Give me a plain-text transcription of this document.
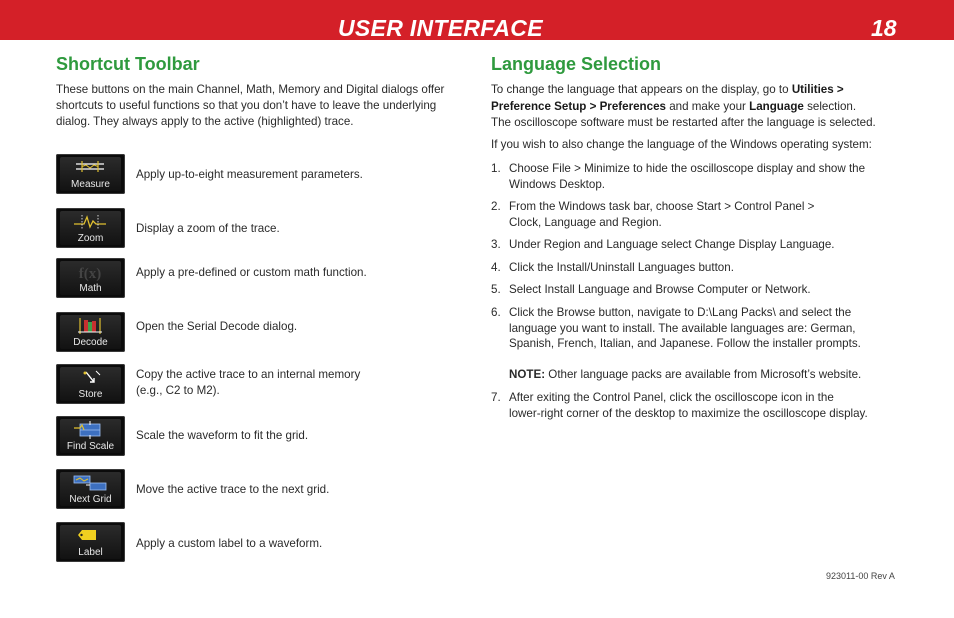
USER INTERFACE	18
Shortcut Toolbar
These buttons on the main Channel, Math, Memory and Digital dialogs offer shortcuts to useful functions so that you don’t have to leave the underlying dialog. They always apply to the active (highlighted) trace.
Measure
Apply up-to-eight measurement parameters.
Zoom
Display a zoom of the trace.
f(x)
Math
Apply a pre-defined or custom math function.
Decode
Open the Serial Decode dialog.
Store
Copy the active trace to an internal memory
(e.g., C2 to M2).
Find Scale
Scale the waveform to fit the grid.
Next Grid
Move the active trace to the next grid.
Label
Apply a custom label to a waveform.
Language Selection
To change the language that appears on the display, go to Utilities >
Preference Setup > Preferences and make your Language selection.
The oscilloscope software must be restarted after the language is selected.
If you wish to also change the language of the Windows operating system:
1. Choose File > Minimize to hide the oscilloscope display and show the
Windows Desktop.
2. From the Windows task bar, choose Start > Control Panel >
Clock, Language and Region.
3. Under Region and Language select Change Display Language.
4. Click the Install/Uninstall Languages button.
5. Select Install Language and Browse Computer or Network.
6. Click the Browse button, navigate to D:\Lang Packs\ and select the
language you want to install. The available languages are: German,
Spanish, French, Italian, and Japanese. Follow the installer prompts.
NOTE: Other language packs are available from Microsoft’s website.
7. After exiting the Control Panel, click the oscilloscope icon in the
lower-right corner of the desktop to maximize the oscilloscope display.
923011-00 Rev A
